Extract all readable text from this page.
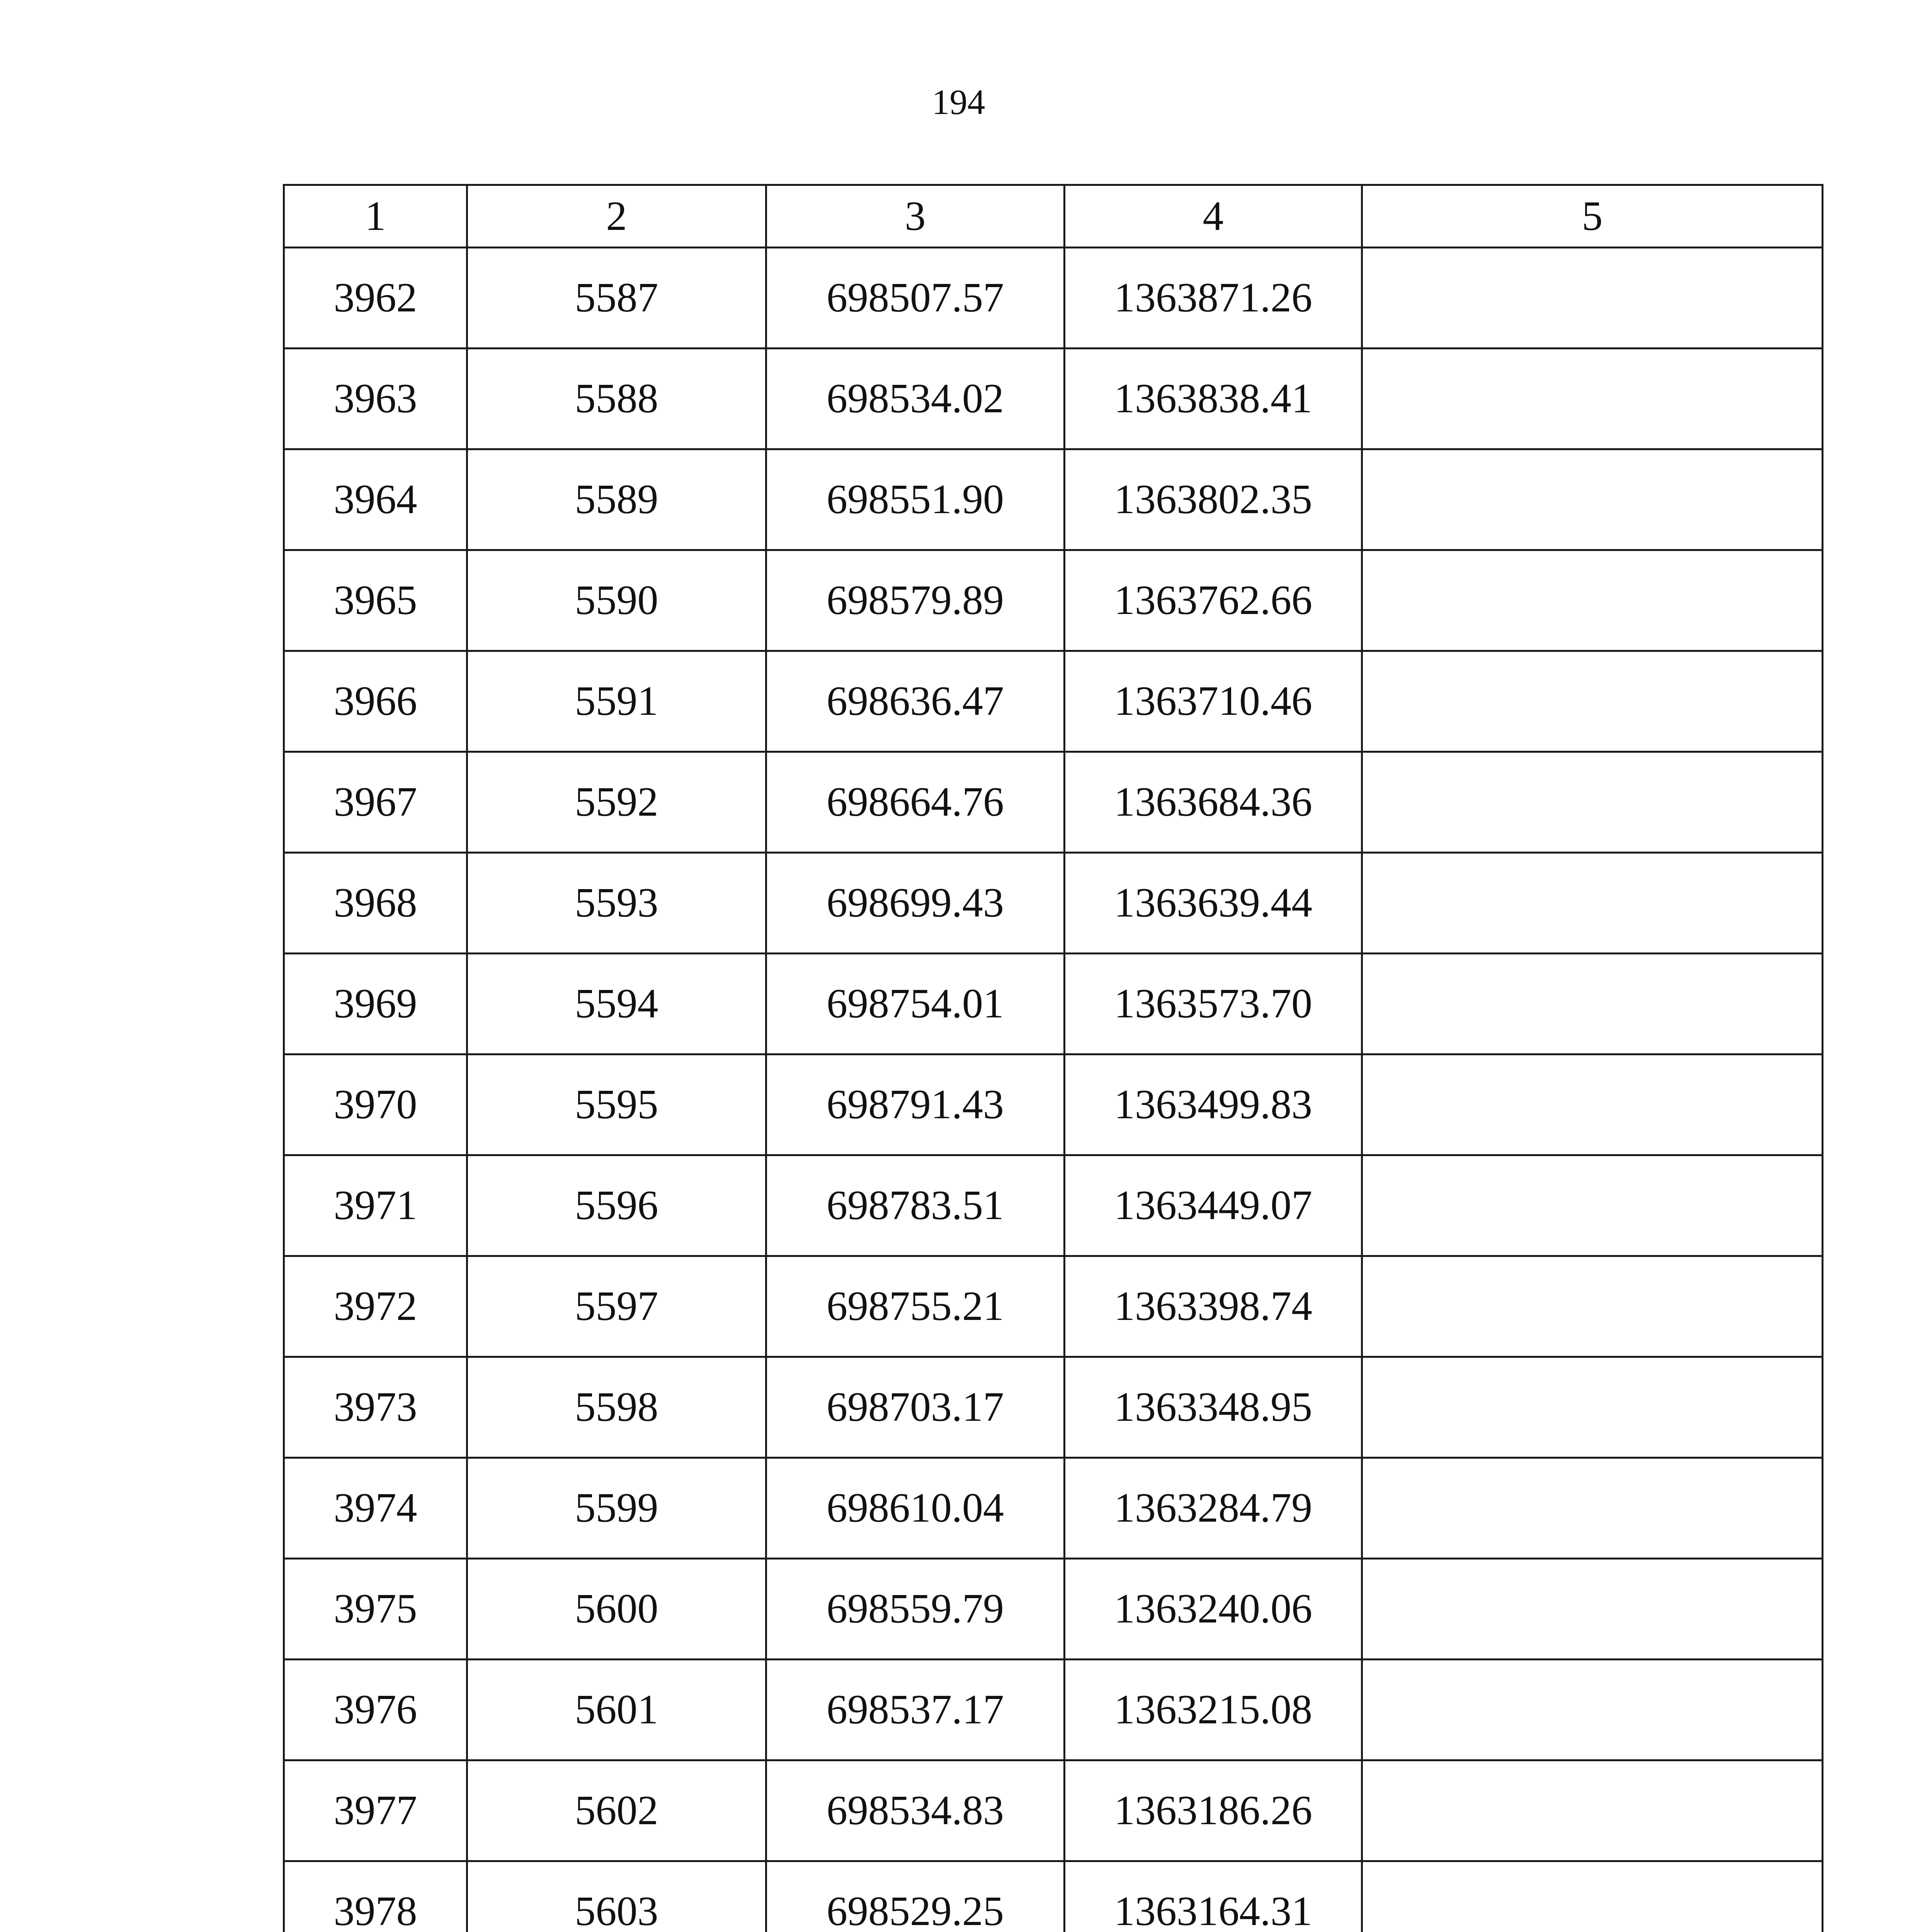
194
1	2	3	4	5
3962	5587	698507.57	1363871.26	
3963	5588	698534.02	1363838.41	
3964	5589	698551.90	1363802.35	
3965	5590	698579.89	1363762.66	
3966	5591	698636.47	1363710.46	
3967	5592	698664.76	1363684.36	
3968	5593	698699.43	1363639.44	
3969	5594	698754.01	1363573.70	
3970	5595	698791.43	1363499.83	
3971	5596	698783.51	1363449.07	
3972	5597	698755.21	1363398.74	
3973	5598	698703.17	1363348.95	
3974	5599	698610.04	1363284.79	
3975	5600	698559.79	1363240.06	
3976	5601	698537.17	1363215.08	
3977	5602	698534.83	1363186.26	
3978	5603	698529.25	1363164.31	
